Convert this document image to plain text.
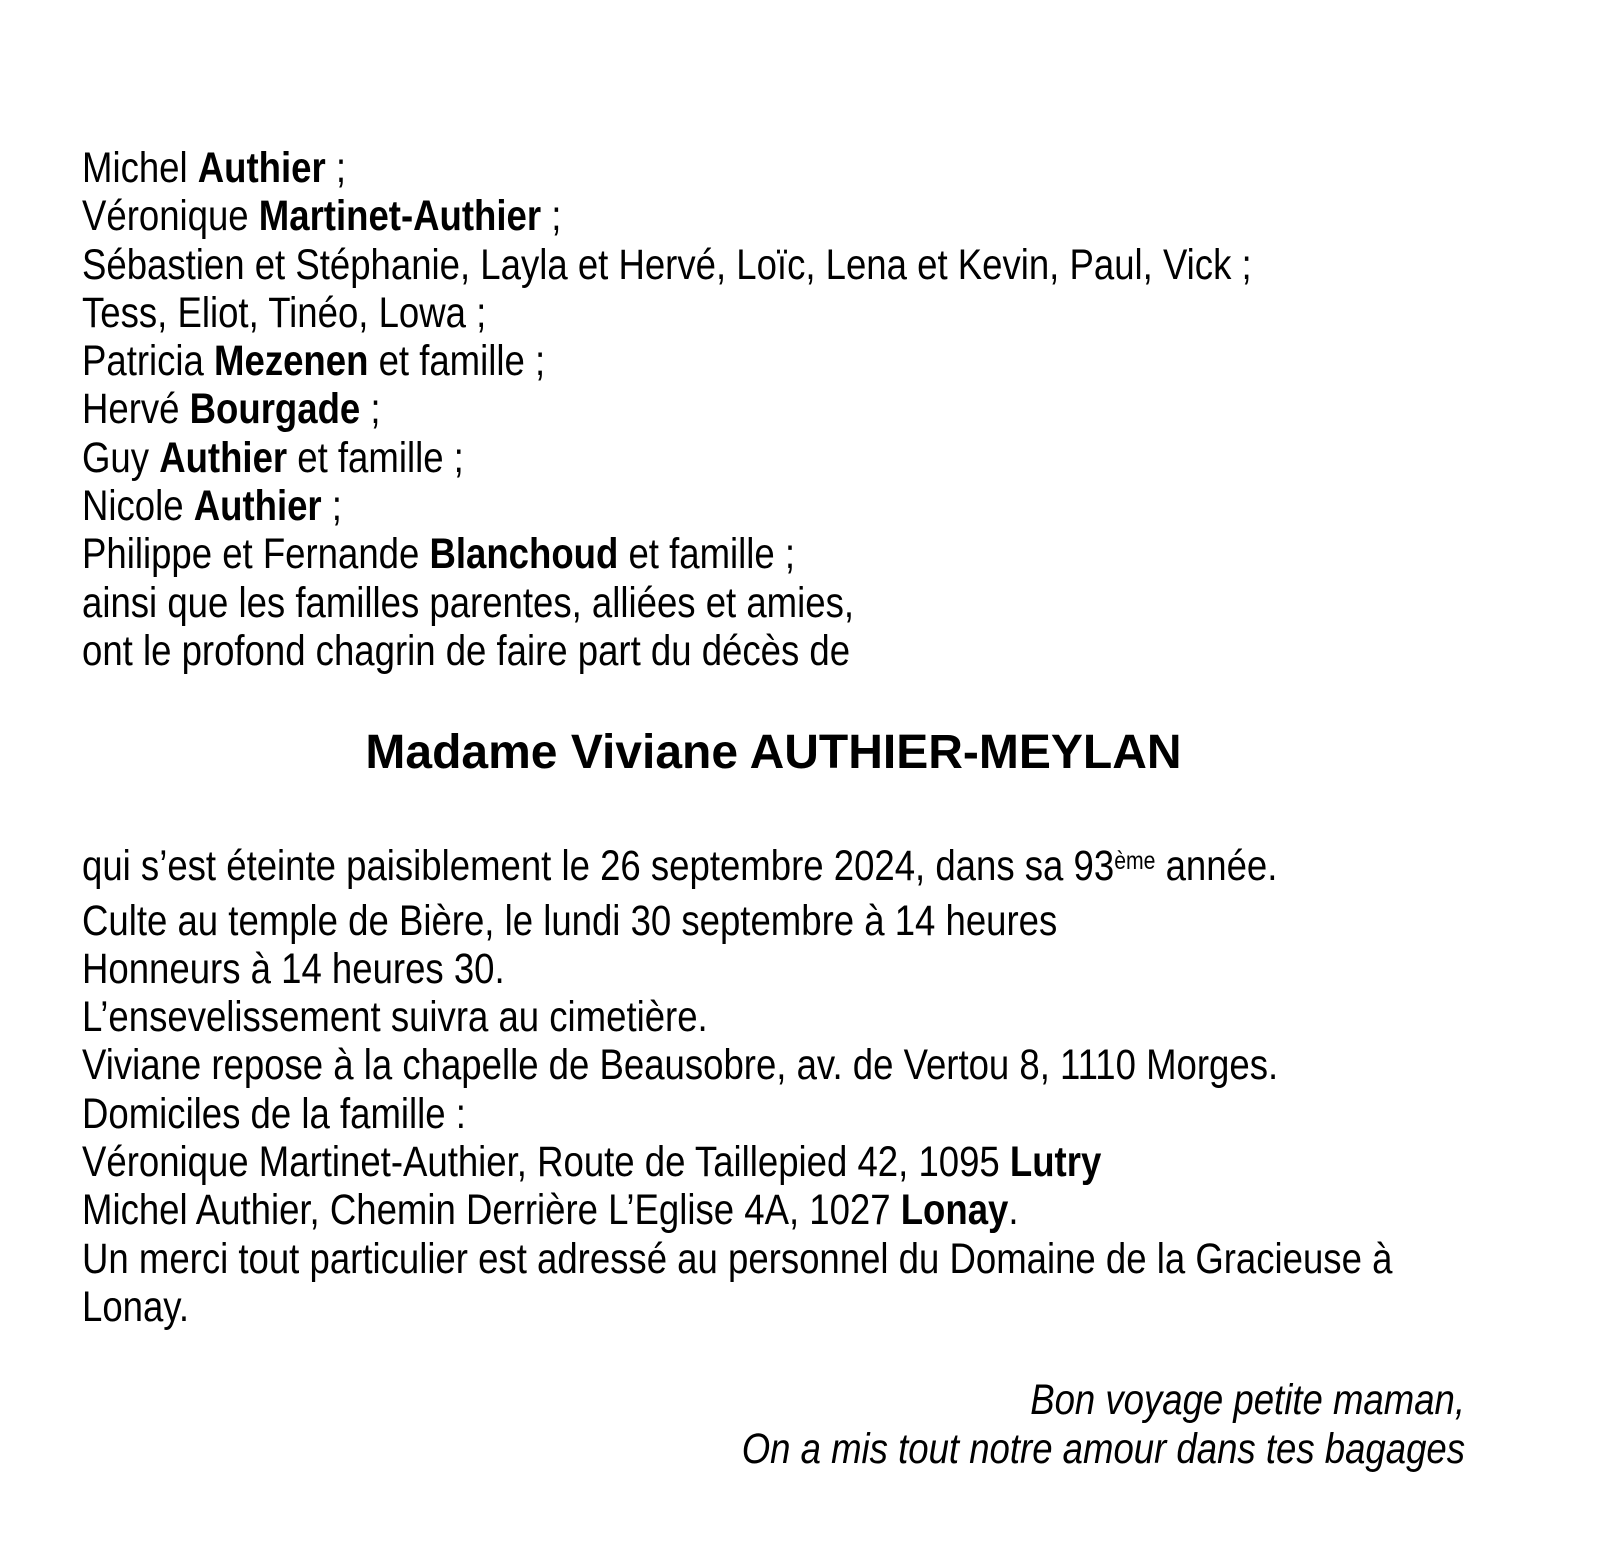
Michel Authier ;

Véronique Martinet-Authier ;

Sébastien et Stéphanie, Layla et Hervé, Loïc, Lena et Kevin, Paul, Vick ;

Tess, Eliot, Tinéo, Lowa ;

Patricia Mezenen et famille ;

Hervé Bourgade ;

Guy Authier et famille ;

Nicole Authier ;

Philippe et Fernande Blanchoud et famille ;

ainsi que les familles parentes, alliées et amies,

ont le profond chagrin de faire part du décès de

Madame Viviane AUTHIER-MEYLAN

qui s’est éteinte paisiblement le 26 septembre 2024, dans sa 93ème année.

Culte au temple de Bière, le lundi 30 septembre à 14 heures

Honneurs à 14 heures 30.

L’ensevelissement suivra au cimetière.

Viviane repose à la chapelle de Beausobre, av. de Vertou 8, 1110 Morges.

Domiciles de la famille :

Véronique Martinet-Authier, Route de Taillepied 42, 1095 Lutry

Michel Authier, Chemin Derrière L’Eglise 4A, 1027 Lonay.

Un merci tout particulier est adressé au personnel du Domaine de la Gracieuse à

Lonay.

Bon voyage petite maman,

On a mis tout notre amour dans tes bagages
